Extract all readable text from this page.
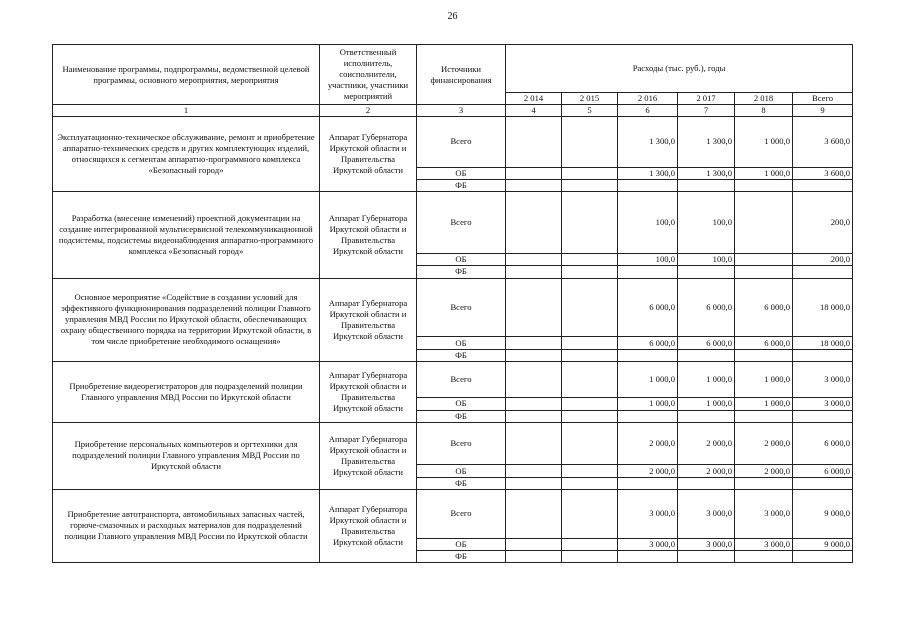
26
Наименование программы, подпрограммы, ведомственной целевой программы, основного мероприятия, мероприятия	Ответственный исполнитель, соисполнители, участники, участники мероприятий	Источники финансирования	Расходы (тыс. руб.), годы					
			2 014	2 015	2 016	2 017	2 018	Всего
1	2	3	4	5	6	7	8	9
Эксплуатационно-техническое обслуживание, ремонт и приобретение аппаратно-технических средств и других комплектующих изделий, относящихся к сегментам аппаратно-программного комплекса «Безопасный город»	Аппарат Губернатора Иркутской области и Правительства Иркутской области	Всего			1 300,0	1 300,0	1 000,0	3 600,0
		ОБ			1 300,0	1 300,0	1 000,0	3 600,0
		ФБ						
Разработка (внесение изменений) проектной документации на создание интегрированной мультисервисной телекоммуникационной подсистемы, подсистемы видеонаблюдения аппаратно-программного комплекса «Безопасный город»	Аппарат Губернатора Иркутской области и Правительства Иркутской области	Всего			100,0	100,0		200,0
		ОБ			100,0	100,0		200,0
		ФБ						
Основное мероприятие «Содействие в создании условий для эффективного функционирования подразделений полиции Главного управления МВД России по Иркутской области, обеспечивающих охрану общественного порядка на территории Иркутской области, в том числе приобретение необходимого оснащения»	Аппарат Губернатора Иркутской области и Правительства Иркутской области	Всего			6 000,0	6 000,0	6 000,0	18 000,0
		ОБ			6 000,0	6 000,0	6 000,0	18 000,0
		ФБ						
Приобретение видеорегистраторов для подразделений полиции Главного управления МВД России по Иркутской области	Аппарат Губернатора Иркутской области и Правительства Иркутской области	Всего			1 000,0	1 000,0	1 000,0	3 000,0
		ОБ			1 000,0	1 000,0	1 000,0	3 000,0
		ФБ						
Приобретение персональных компьютеров и оргтехники для подразделений полиции Главного управления МВД России по Иркутской области	Аппарат Губернатора Иркутской области и Правительства Иркутской области	Всего			2 000,0	2 000,0	2 000,0	6 000,0
		ОБ			2 000,0	2 000,0	2 000,0	6 000,0
		ФБ						
Приобретение автотранспорта, автомобильных запасных частей, горюче-смазочных и расходных материалов для подразделений полиции Главного управления МВД России по Иркутской области	Аппарат Губернатора Иркутской области и Правительства Иркутской области	Всего			3 000,0	3 000,0	3 000,0	9 000,0
		ОБ			3 000,0	3 000,0	3 000,0	9 000,0
		ФБ						
